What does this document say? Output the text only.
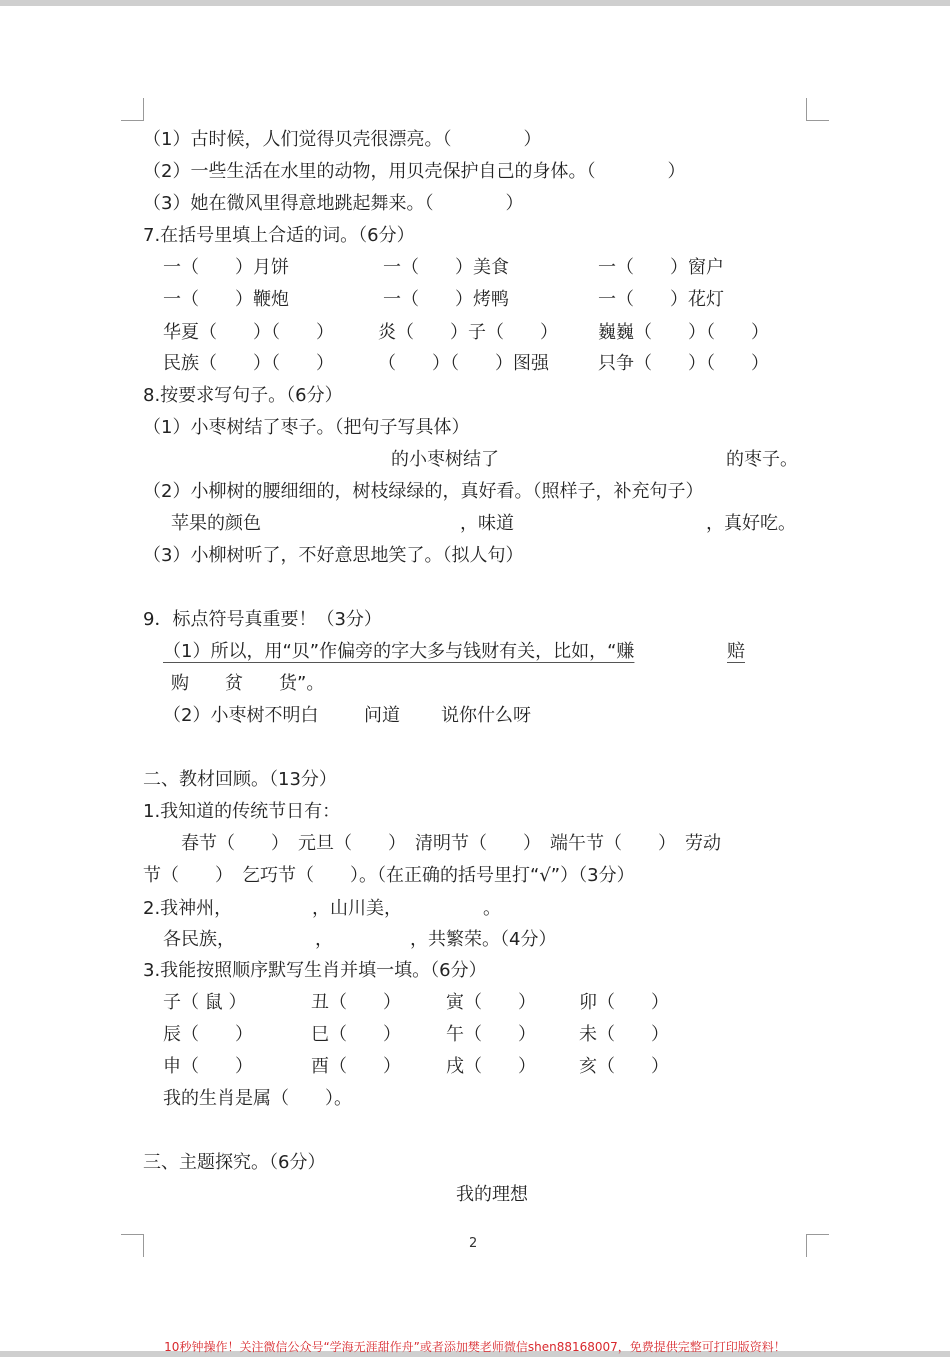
（1）古时候，人们觉得贝壳很漂亮。（　　　　）
（2）一些生活在水里的动物，用贝壳保护自己的身体。（　　　　）
（3）她在微风里得意地跳起舞来。（　　　　）
7.在括号里填上合适的词。（6分）
一（　　）月饼	一（　　）美食	一（　　）窗户
一（　　）鞭炮	一（　　）烤鸭	一（　　）花灯
华夏（　　）（　　） 炎（　　）子（　　） 巍巍（　　）（　　）
民族（　　）（　　） （　　）（　　）图强	只争（　　）（　　）
8.按要求写句子。（6分）
（1）小枣树结了枣子。（把句子写具体）
的小枣树结了	的枣子。
（2）小柳树的腰细细的，树枝绿绿的，真好看。（照样子，补充句子）
苹果的颜色	，味道	，真好吃。
（3）小柳树听了，不好意思地笑了。（拟人句）
9．标点符号真重要！（3分）
（1）所以，用“贝”作偏旁的字大多与钱财有关，比如，“赚	赔
购　　贫　　货”。
（2）小枣树不明白	问道 说你什么呀
二、教材回顾。（13分）
1.我知道的传统节日有：
春节（　　）　元旦（　　）　清明节（　　）　端午节（　　）　劳动
节（　　）　乞巧节（　　）。（在正确的括号里打“√”）（3分）
2.我神州，	，山川美，	。
各民族，	，	，共繁荣。（4分）
3.我能按照顺序默写生肖并填一填。（6分）
子（ 鼠 ）	丑（　　）	寅（　　） 卯（　　）
辰（　　）	巳（　　）	午（　　） 未（　　）
申（　　）	酉（　　）	戌（　　） 亥（　　）
我的生肖是属（　　）。
三、主题探究。（6分）
我的理想
2
10秒钟操作！关注微信公众号“学海无涯甜作舟”或者添加樊老师微信shen88168007，免费提供完整可打印版资料！
